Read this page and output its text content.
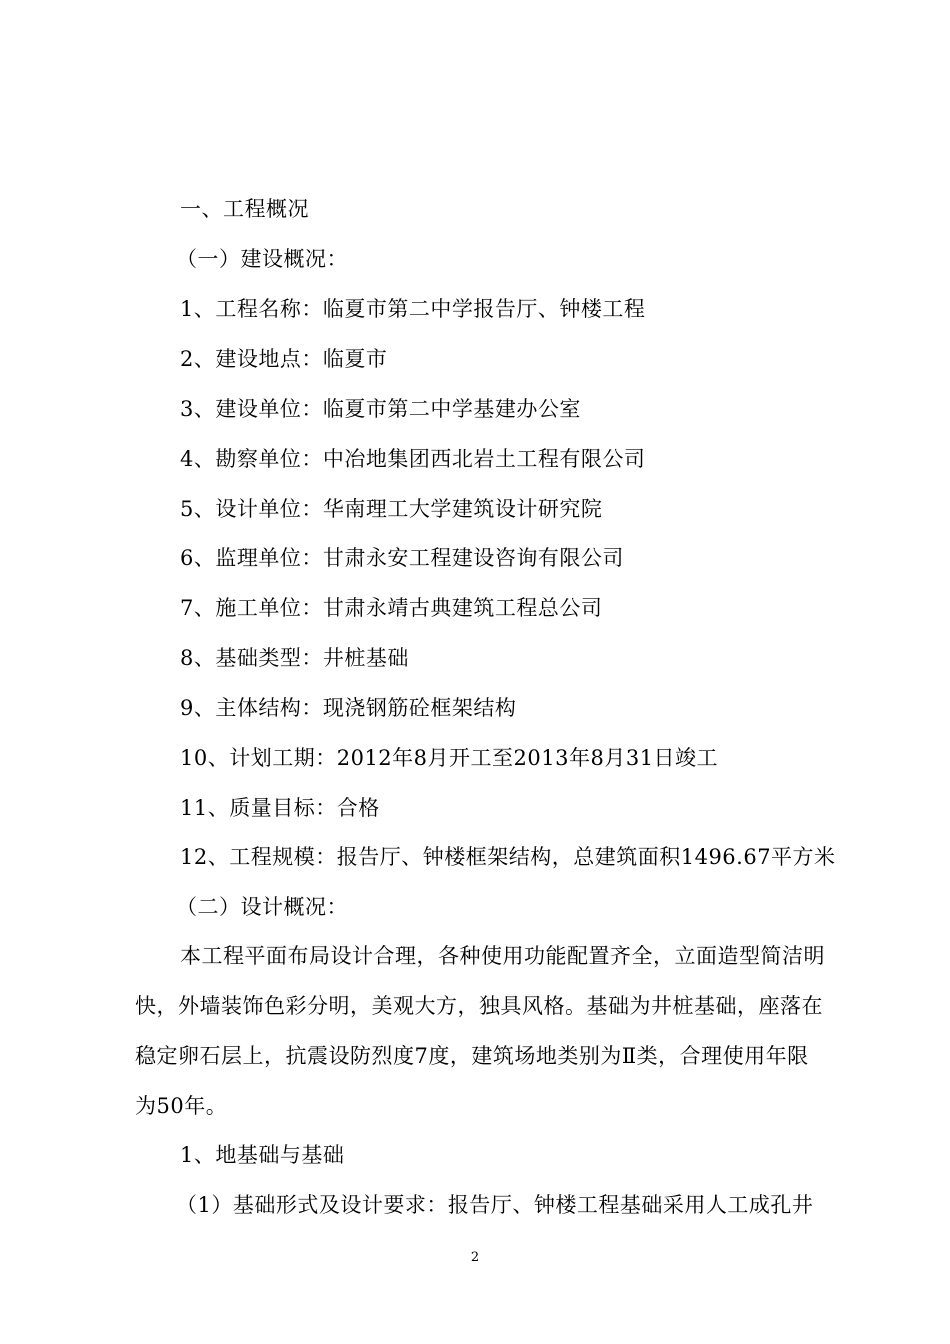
一、工程概况
（一）建设概况：
1、工程名称：临夏市第二中学报告厅、钟楼工程
2、建设地点：临夏市
3、建设单位：临夏市第二中学基建办公室
4、勘察单位：中冶地集团西北岩土工程有限公司
5、设计单位：华南理工大学建筑设计研究院
6、监理单位：甘肃永安工程建设咨询有限公司
7、施工单位：甘肃永靖古典建筑工程总公司
8、基础类型：井桩基础
9、主体结构：现浇钢筋砼框架结构
10、计划工期：2012年8月开工至2013年8月31日竣工
11、质量目标：合格
12、工程规模：报告厅、钟楼框架结构，总建筑面积1496.67平方米
（二）设计概况：
本工程平面布局设计合理，各种使用功能配置齐全，立面造型简洁明
快，外墙装饰色彩分明，美观大方，独具风格。基础为井桩基础，座落在
稳定卵石层上，抗震设防烈度7度，建筑场地类别为Ⅱ类，合理使用年限
为50年。
1、地基础与基础
（1）基础形式及设计要求：报告厅、钟楼工程基础采用人工成孔井
2
